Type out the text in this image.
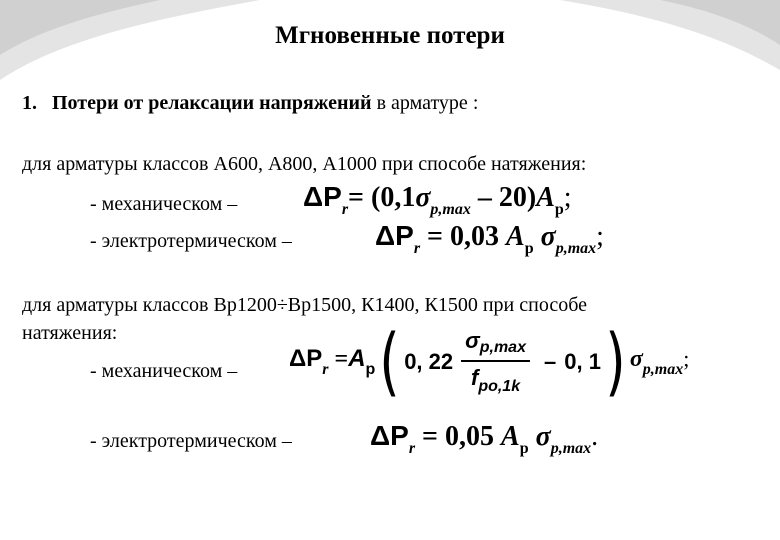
Мгновенные потери
1. Потери от релаксации напряжений в арматуре :
для арматуры классов А600, А800, А1000 при способе натяжения:
- механическом – ΔPr= (0,1σp,max – 20)Ap;
- электротермическом –	ΔPr = 0,03 Ap σp,max;
для арматуры классов Вр1200÷Вр1500, К1400, К1500 при способе
натяжения:
- механическом – ΔPr =Ap( 0, $22 \frac{\sigma p,\max}{\text{fpo,1k}} - 0$, 1) σp,max;
- электротермическом –	ΔPr = 0,05 Ap σp,max.
